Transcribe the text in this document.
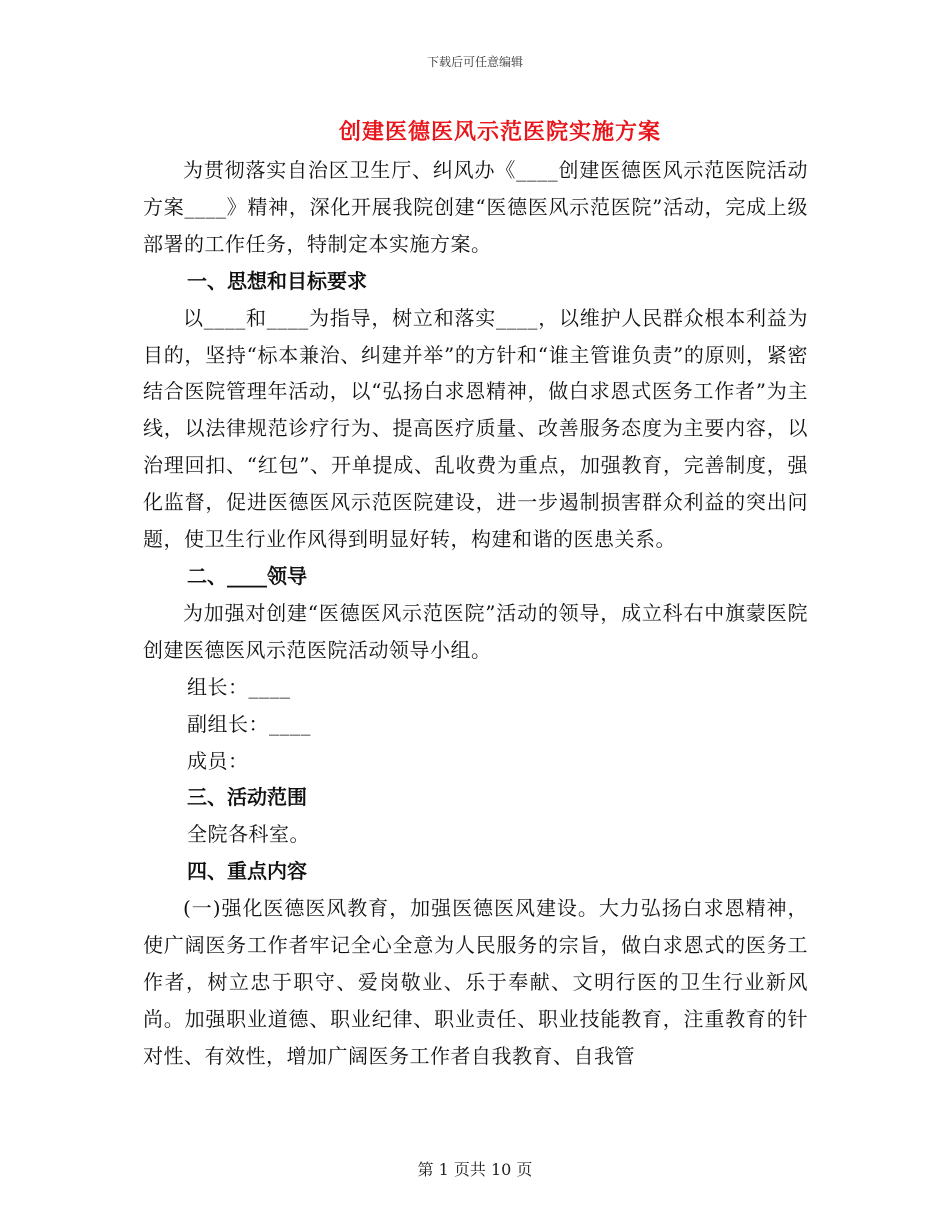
下载后可任意编辑
创建医德医风示范医院实施方案

为贯彻落实自治区卫生厅、纠风办《____创建医德医风示范医院活动方案____》精神，深化开展我院创建“医德医风示范医院”活动，完成上级部署的工作任务，特制定本实施方案。

一、思想和目标要求

以____和____为指导，树立和落实____，以维护人民群众根本利益为目的，坚持“标本兼治、纠建并举”的方针和“谁主管谁负责”的原则，紧密结合医院管理年活动，以“弘扬白求恩精神，做白求恩式医务工作者”为主线，以法律规范诊疗行为、提高医疗质量、改善服务态度为主要内容，以治理回扣、“红包”、开单提成、乱收费为重点，加强教育，完善制度，强化监督，促进医德医风示范医院建设，进一步遏制损害群众利益的突出问题，使卫生行业作风得到明显好转，构建和谐的医患关系。

二、____领导

为加强对创建“医德医风示范医院”活动的领导，成立科右中旗蒙医院创建医德医风示范医院活动领导小组。

组长：____

副组长：____

成员：

三、活动范围

全院各科室。

四、重点内容

(一)强化医德医风教育，加强医德医风建设。大力弘扬白求恩精神，使广阔医务工作者牢记全心全意为人民服务的宗旨，做白求恩式的医务工作者，树立忠于职守、爱岗敬业、乐于奉献、文明行医的卫生行业新风尚。加强职业道德、职业纪律、职业责任、职业技能教育，注重教育的针对性、有效性，增加广阔医务工作者自我教育、自我管

第 1 页共 10 页
